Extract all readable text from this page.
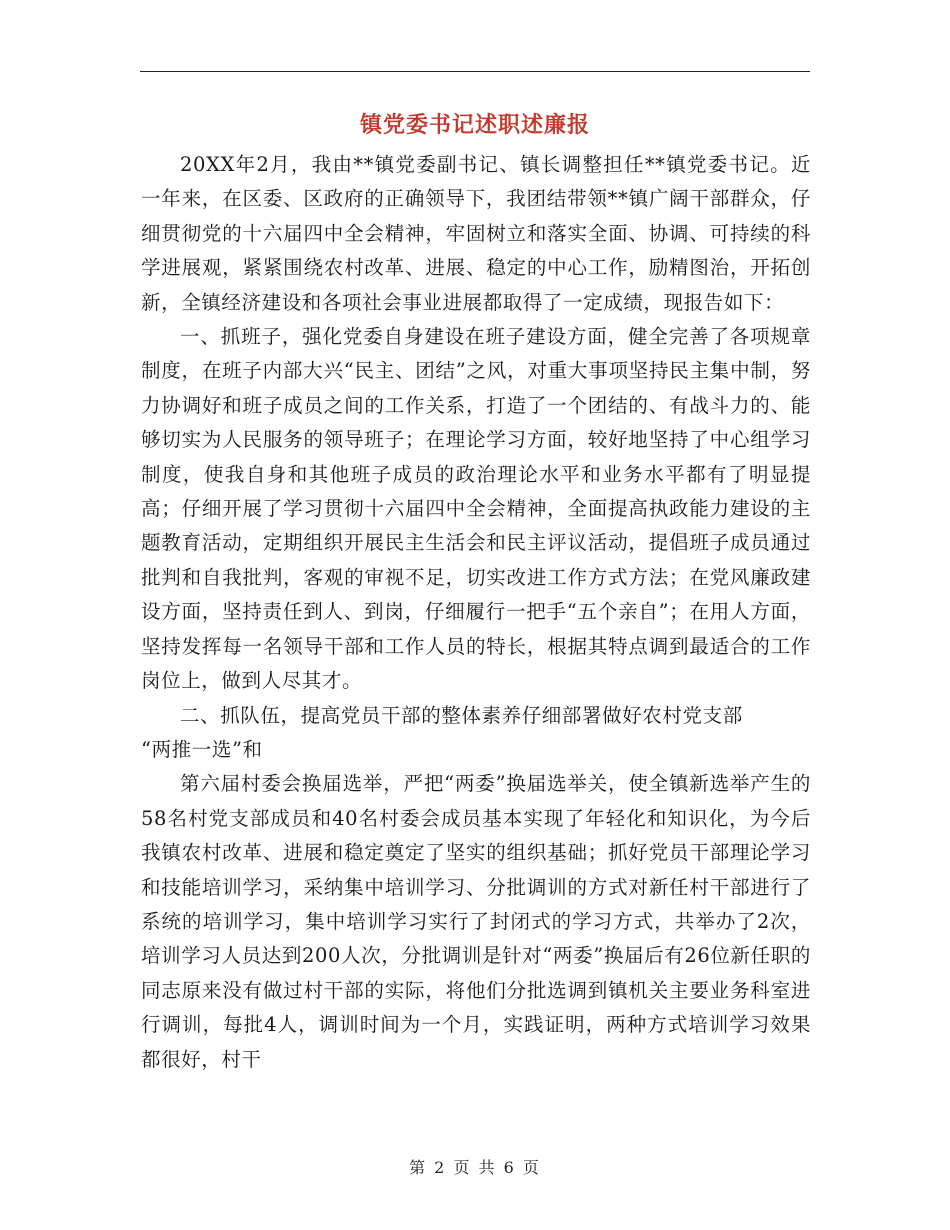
镇党委书记述职述廉报

20XX年2月，我由**镇党委副书记、镇长调整担任**镇党委书记。近一年来，在区委、区政府的正确领导下，我团结带领**镇广阔干部群众，仔细贯彻党的十六届四中全会精神，牢固树立和落实全面、协调、可持续的科学进展观，紧紧围绕农村改革、进展、稳定的中心工作，励精图治，开拓创新，全镇经济建设和各项社会事业进展都取得了一定成绩，现报告如下：

一、抓班子，强化党委自身建设在班子建设方面，健全完善了各项规章制度，在班子内部大兴“民主、团结”之风，对重大事项坚持民主集中制，努力协调好和班子成员之间的工作关系，打造了一个团结的、有战斗力的、能够切实为人民服务的领导班子；在理论学习方面，较好地坚持了中心组学习制度，使我自身和其他班子成员的政治理论水平和业务水平都有了明显提高；仔细开展了学习贯彻十六届四中全会精神，全面提高执政能力建设的主题教育活动，定期组织开展民主生活会和民主评议活动，提倡班子成员通过批判和自我批判，客观的审视不足，切实改进工作方式方法；在党风廉政建设方面，坚持责任到人、到岗，仔细履行一把手“五个亲自”；在用人方面，坚持发挥每一名领导干部和工作人员的特长，根据其特点调到最适合的工作岗位上，做到人尽其才。

二、抓队伍，提高党员干部的整体素养仔细部署做好农村党支部

“两推一选”和

第六届村委会换届选举，严把“两委”换届选举关，使全镇新选举产生的58名村党支部成员和40名村委会成员基本实现了年轻化和知识化，为今后我镇农村改革、进展和稳定奠定了坚实的组织基础；抓好党员干部理论学习和技能培训学习，采纳集中培训学习、分批调训的方式对新任村干部进行了系统的培训学习，集中培训学习实行了封闭式的学习方式，共举办了2次，培训学习人员达到200人次，分批调训是针对“两委”换届后有26位新任职的同志原来没有做过村干部的实际，将他们分批选调到镇机关主要业务科室进行调训，每批4人，调训时间为一个月，实践证明，两种方式培训学习效果都很好，村干

第 2 页 共 6 页
